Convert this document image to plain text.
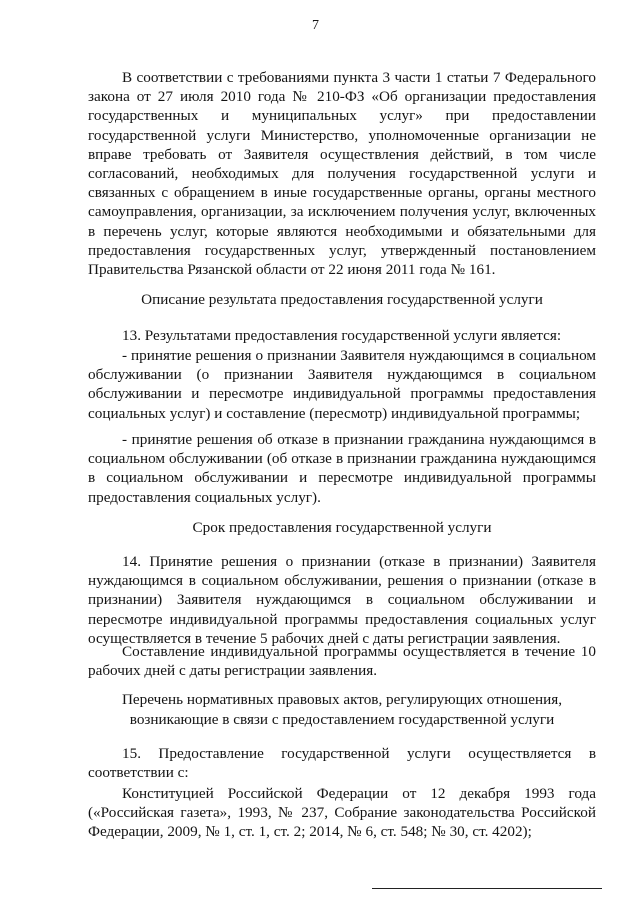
7

В соответствии с требованиями пункта 3 части 1 статьи 7 Федерального закона от 27 июля 2010 года № 210-ФЗ «Об организации предоставления государственных и муниципальных услуг» при предоставлении государственной услуги Министерство, уполномоченные организации не вправе требовать от Заявителя осуществления действий, в том числе согласований, необходимых для получения государственной услуги и связанных с обращением в иные государственные органы, органы местного самоуправления, организации, за исключением получения услуг, включенных в перечень услуг, которые являются необходимыми и обязательными для предоставления государственных услуг, утвержденный постановлением Правительства Рязанской области от 22 июня 2011 года № 161.

Описание результата предоставления государственной услуги

13. Результатами предоставления государственной услуги является:

- принятие решения о признании Заявителя нуждающимся в социальном обслуживании (о признании Заявителя нуждающимся в социальном обслуживании и пересмотре индивидуальной программы предоставления социальных услуг) и составление (пересмотр) индивидуальной программы;

- принятие решения об отказе в признании гражданина нуждающимся в социальном обслуживании (об отказе в признании гражданина нуждающимся в социальном обслуживании и пересмотре индивидуальной программы предоставления социальных услуг).

Срок предоставления государственной услуги

14. Принятие решения о признании (отказе в признании) Заявителя нуждающимся в социальном обслуживании, решения о признании (отказе в признании) Заявителя нуждающимся в социальном обслуживании и пересмотре индивидуальной программы предоставления социальных услуг осуществляется в течение 5 рабочих дней с даты регистрации заявления.

Составление индивидуальной программы осуществляется в течение 10 рабочих дней с даты регистрации заявления.

Перечень нормативных правовых актов, регулирующих отношения,

возникающие в связи с предоставлением государственной услуги

15. Предоставление государственной услуги осуществляется в соответствии с:

Конституцией Российской Федерации от 12 декабря 1993 года («Российская газета», 1993, № 237, Собрание законодательства Российской Федерации, 2009, № 1, ст. 1, ст. 2; 2014, № 6, ст. 548; № 30, ст. 4202);
